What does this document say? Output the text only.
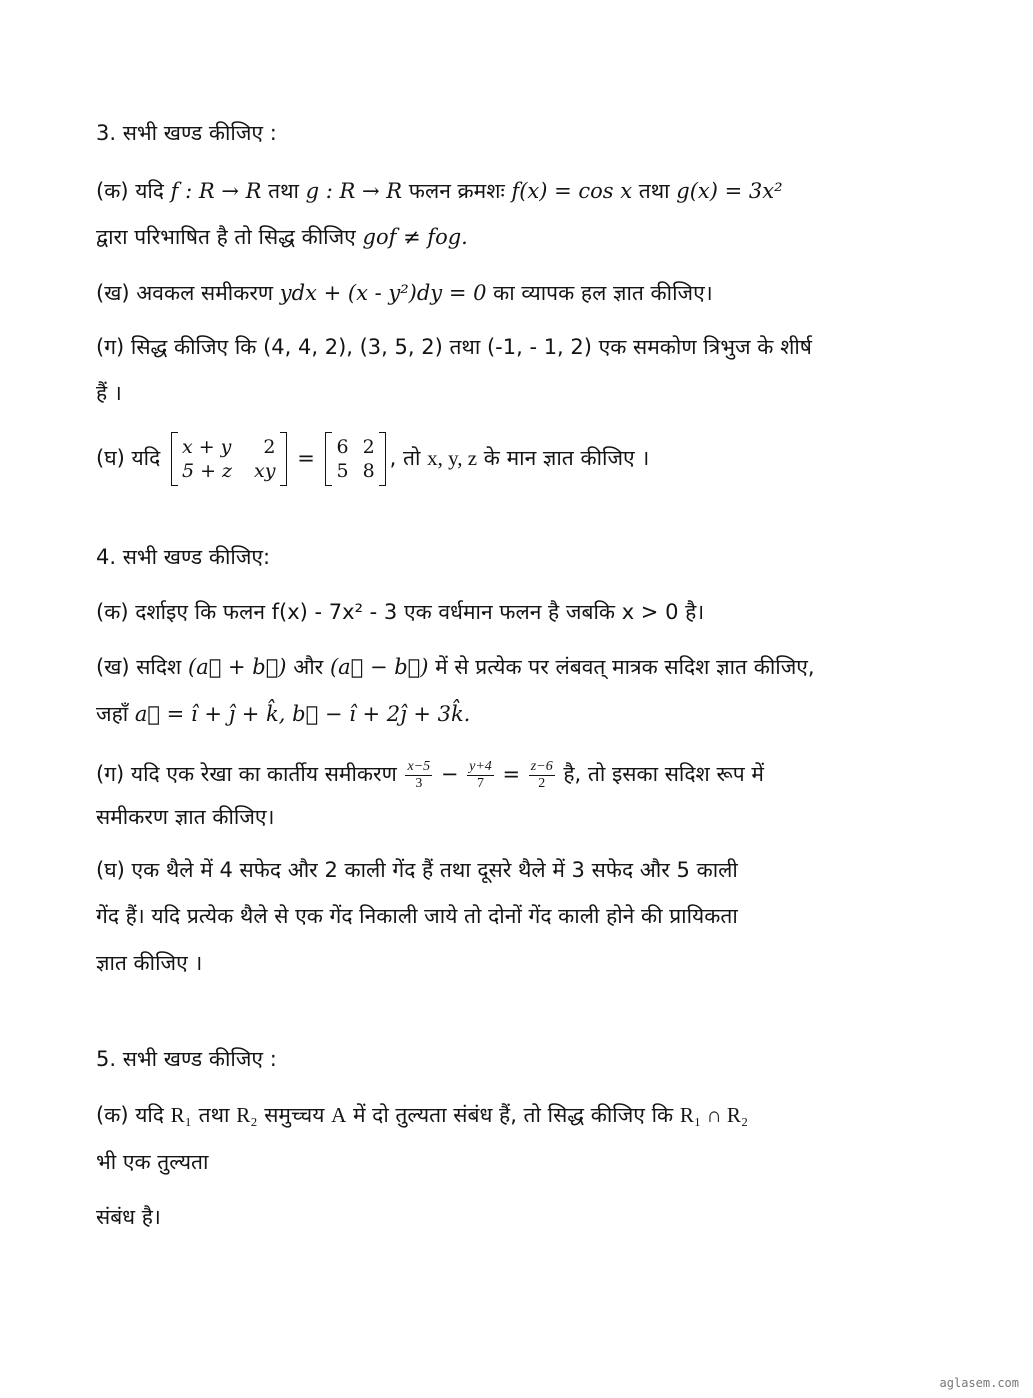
3. सभी खण्ड कीजिए :
(क) यदि f : R → R तथा g : R → R फलन क्रमशः f(x) = cos x तथा g(x) = 3x²
द्वारा परिभाषित है तो सिद्ध कीजिए gof ≠ fog.
(ख) अवकल समीकरण ydx + (x - y²)dy = 0 का व्यापक हल ज्ञात कीजिए।
(ग) सिद्ध कीजिए कि (4, 4, 2), (3, 5, 2) तथा (-1, - 1, 2) एक समकोण त्रिभुज के शीर्ष
हैं ।
(घ) यदि x + y	2
5 + z xy
= 6 2
5 8
, तो x, y, z के मान ज्ञात कीजिए ।
4. सभी खण्ड कीजिए:
(क) दर्शाइए कि फलन f(x) - 7x² - 3 एक वर्धमान फलन है जबकि x > 0 है।
(ख) सदिश (a⃗ + b⃗) और (a⃗ − b⃗) में से प्रत्येक पर लंबवत् मात्रक सदिश ज्ञात कीजिए,
जहाँ a⃗ = î + ĵ + k̂, b⃗ − î + 2ĵ + 3k̂.
(ग) यदि एक रेखा का कार्तीय समीकरण $\frac{x-5}{3} - \frac{y+4}{7} = \frac{z-6}{2}$ है, तो इसका सदिश रूप में
समीकरण ज्ञात कीजिए।
(घ) एक थैले में 4 सफेद और 2 काली गेंद हैं तथा दूसरे थैले में 3 सफेद और 5 काली
गेंद हैं। यदि प्रत्येक थैले से एक गेंद निकाली जाये तो दोनों गेंद काली होने की प्रायिकता
ज्ञात कीजिए ।
5. सभी खण्ड कीजिए :
(क) यदि R₁ तथा R₂ समुच्चय A में दो तुल्यता संबंध हैं, तो सिद्ध कीजिए कि R₁ ∩ R₂
भी एक तुल्यता
संबंध है।
aglasem.com
